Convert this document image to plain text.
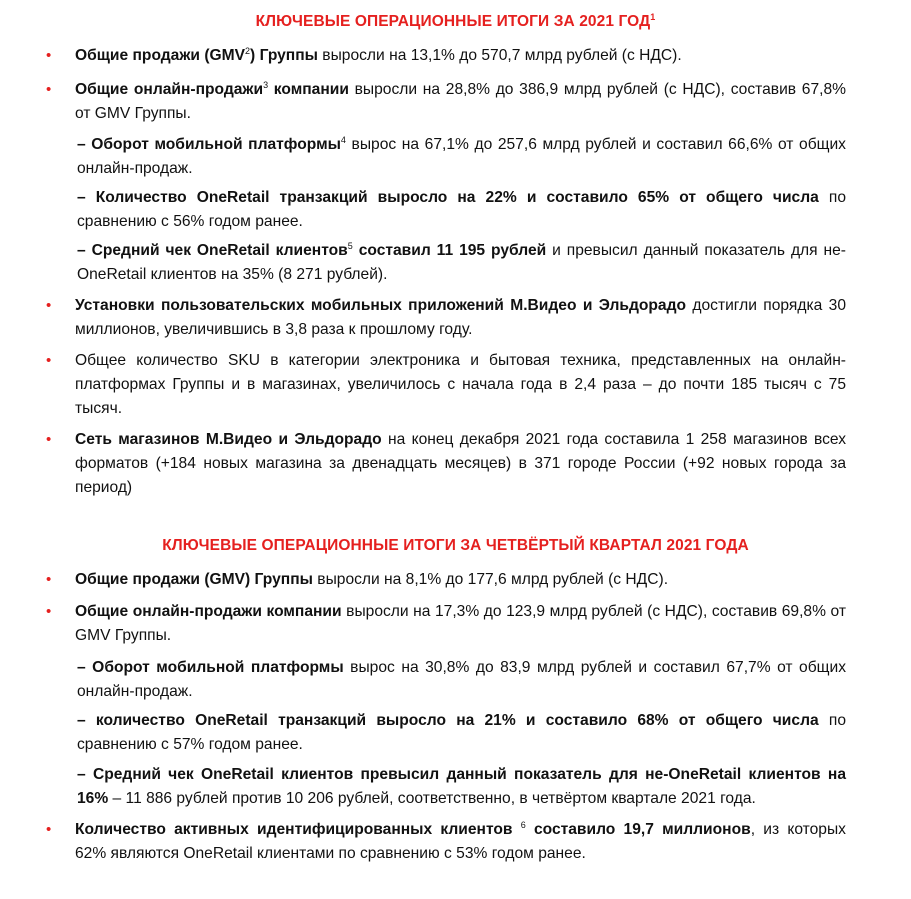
КЛЮЧЕВЫЕ ОПЕРАЦИОННЫЕ ИТОГИ ЗА 2021 ГОД$^1$
•	Общие продажи (GMV$^2$) Группы выросли на 13,1% до 570,7 млрд рублей (с НДС).
•	Общие онлайн-продажи$^3$ компании выросли на 28,8% до 386,9 млрд рублей (с НДС), составив 67,8% от GMV Группы.
– Оборот мобильной платформы$^4$ вырос на 67,1% до 257,6 млрд рублей и составил 66,6% от общих онлайн-продаж.
– Количество OneRetail транзакций выросло на 22% и составило 65% от общего числа по сравнению с 56% годом ранее.
– Средний чек OneRetail клиентов$^5$ составил 11 195 рублей и превысил данный показатель для не-OneRetail клиентов на 35% (8 271 рублей).
•	Установки пользовательских мобильных приложений М.Видео и Эльдорадо достигли порядка 30 миллионов, увеличившись в 3,8 раза к прошлому году.
•	Общее количество SKU в категории электроника и бытовая техника, представленных на онлайн-платформах Группы и в магазинах, увеличилось с начала года в 2,4 раза – до почти 185 тысяч с 75 тысяч.
•	Сеть магазинов М.Видео и Эльдорадо на конец декабря 2021 года составила 1 258 магазинов всех форматов (+184 новых магазина за двенадцать месяцев) в 371 городе России (+92 новых города за период)
КЛЮЧЕВЫЕ ОПЕРАЦИОННЫЕ ИТОГИ ЗА ЧЕТВЁРТЫЙ КВАРТАЛ 2021 ГОДА
•	Общие продажи (GMV) Группы выросли на 8,1% до 177,6 млрд рублей (с НДС).
•	Общие онлайн-продажи компании выросли на 17,3% до 123,9 млрд рублей (с НДС), составив 69,8% от GMV Группы.
– Оборот мобильной платформы вырос на 30,8% до 83,9 млрд рублей и составил 67,7% от общих онлайн-продаж.
– количество OneRetail транзакций выросло на 21% и составило 68% от общего числа по сравнению с 57% годом ранее.
– Средний чек OneRetail клиентов превысил данный показатель для не-OneRetail клиентов на 16% – 11 886 рублей против 10 206 рублей, соответственно, в четвёртом квартале 2021 года.
•	Количество активных идентифицированных клиентов $^6$ составило 19,7 миллионов, из которых 62% являются OneRetail клиентами по сравнению с 53% годом ранее.
